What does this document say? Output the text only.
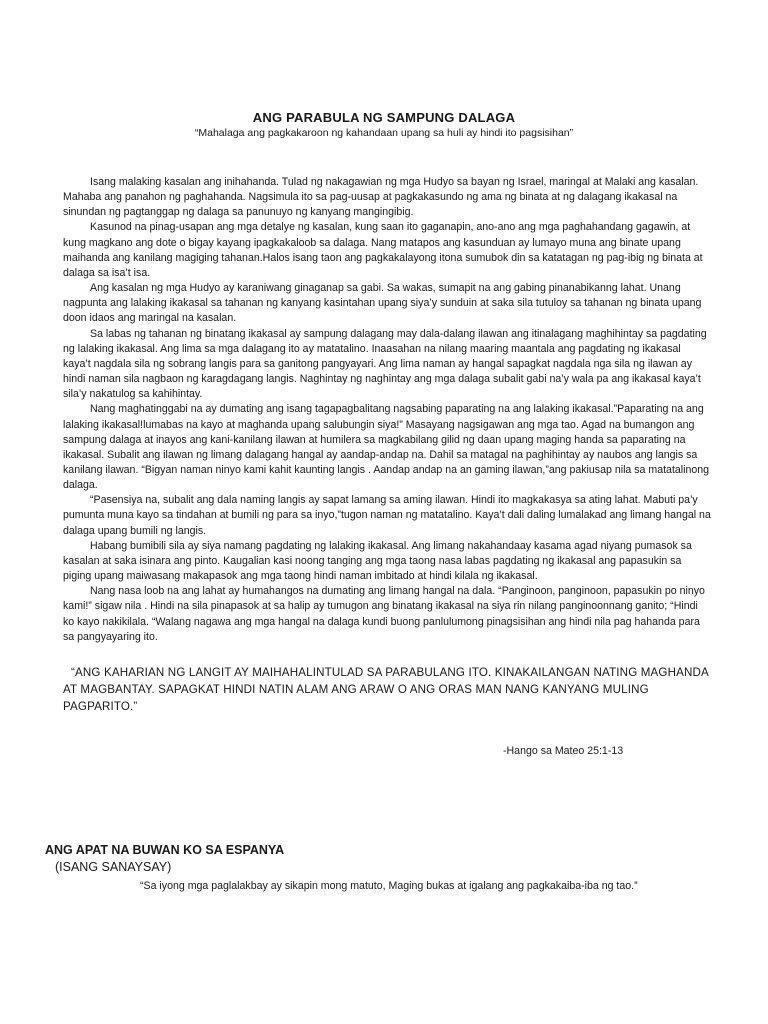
ANG PARABULA NG SAMPUNG DALAGA

“Mahalaga ang pagkakaroon ng kahandaan upang sa huli ay hindi ito pagsisihan”

Isang malaking kasalan ang inihahanda. Tulad ng nakagawian ng mga Hudyo sa bayan ng Israel, maringal at Malaki ang kasalan. Mahaba ang panahon ng paghahanda. Nagsimula ito sa pag-uusap at pagkakasundo ng ama ng binata at ng dalagang ikakasal na sinundan ng pagtanggap ng dalaga sa panunuyo ng kanyang mangingibig.

Kasunod na pinag-usapan ang mga detalye ng kasalan, kung saan ito gaganapin, ano-ano ang mga paghahandang gagawin, at kung magkano ang dote o bigay kayang ipagkakaloob sa dalaga. Nang matapos ang kasunduan ay lumayo muna ang binate upang maihanda ang kanilang magiging tahanan.Halos isang taon ang pagkakalayong itona sumubok din sa katatagan ng pag-ibig ng binata at dalaga sa isa’t isa.

Ang kasalan ng mga Hudyo ay karaniwang ginaganap sa gabi. Sa wakas, sumapit na ang gabing pinanabikanng lahat. Unang nagpunta ang lalaking ikakasal sa tahanan ng kanyang kasintahan upang siya’y sunduin at saka sila tutuloy sa tahanan ng binata upang doon idaos ang maringal na kasalan.

Sa labas ng tahanan ng binatang ikakasal ay sampung dalagang may dala-dalang ilawan ang itinalagang maghihintay sa pagdating ng lalaking ikakasal. Ang lima sa mga dalagang ito ay matatalino. Inaasahan na nilang maaring maantala ang pagdating ng ikakasal kaya’t nagdala sila ng sobrang langis para sa ganitong pangyayari. Ang lima naman ay hangal sapagkat nagdala nga sila ng ilawan ay hindi naman sila nagbaon ng karagdagang langis. Naghintay ng naghintay ang mga dalaga subalit gabi na’y wala pa ang ikakasal kaya’t sila’y nakatulog sa kahihintay.

Nang maghatinggabi na ay dumating ang isang tagapagbalitang nagsabing paparating na ang lalaking ikakasal.”Paparating na ang lalaking ikakasal!lumabas na kayo at maghanda upang salubungin siya!” Masayang nagsigawan ang mga tao. Agad na bumangon ang sampung dalaga at inayos ang kani-kanilang ilawan at humilera sa magkabilang gilid ng daan upang maging handa sa paparating na ikakasal. Subalit ang ilawan ng limang dalagang hangal ay aandap-andap na. Dahil sa matagal na paghihintay ay naubos ang langis sa kanilang ilawan. “Bigyan naman ninyo kami kahit kaunting langis . Aandap andap na an gaming ilawan,”ang pakiusap nila sa matatalinong dalaga.

“Pasensiya na, subalit ang dala naming langis ay sapat lamang sa aming ilawan. Hindi ito magkakasya sa ating lahat. Mabuti pa’y pumunta muna kayo sa tindahan at bumili ng para sa inyo,”tugon naman ng matatalino. Kaya’t dali daling lumalakad ang limang hangal na dalaga upang bumili ng langis.

Habang bumibili sila ay siya namang pagdating ng lalaking ikakasal. Ang limang nakahandaay kasama agad niyang pumasok sa kasalan at saka isinara ang pinto. Kaugalian kasi noong tanging ang mga taong nasa labas pagdating ng ikakasal ang papasukin sa piging upang maiwasang makapasok ang mga taong hindi naman imbitado at hindi kilala ng ikakasal.

Nang nasa loob na ang lahat ay humahangos na dumating ang limang hangal na dala. “Panginoon, panginoon, papasukin po ninyo kami!” sigaw nila . Hindi na sila pinapasok at sa halip ay tumugon ang binatang ikakasal na siya rin nilang panginoonnang ganito; “Hindi ko kayo nakikilala. “Walang nagawa ang mga hangal na dalaga kundi buong panlulumong pinagsisihan ang hindi nila pag hahanda para sa pangyayaring ito.

“ANG KAHARIAN NG LANGIT AY MAIHAHALINTULAD SA PARABULANG ITO. KINAKAILANGAN NATING MAGHANDA AT MAGBANTAY. SAPAGKAT HINDI NATIN ALAM ANG ARAW O ANG ORAS MAN NANG KANYANG MULING PAGPARITO.”

-Hango sa Mateo 25:1-13

ANG APAT NA BUWAN KO SA ESPANYA

(ISANG SANAYSAY)

“Sa iyong mga paglalakbay ay sikapin mong matuto, Maging bukas at igalang ang pagkakaiba-iba ng tao.”
